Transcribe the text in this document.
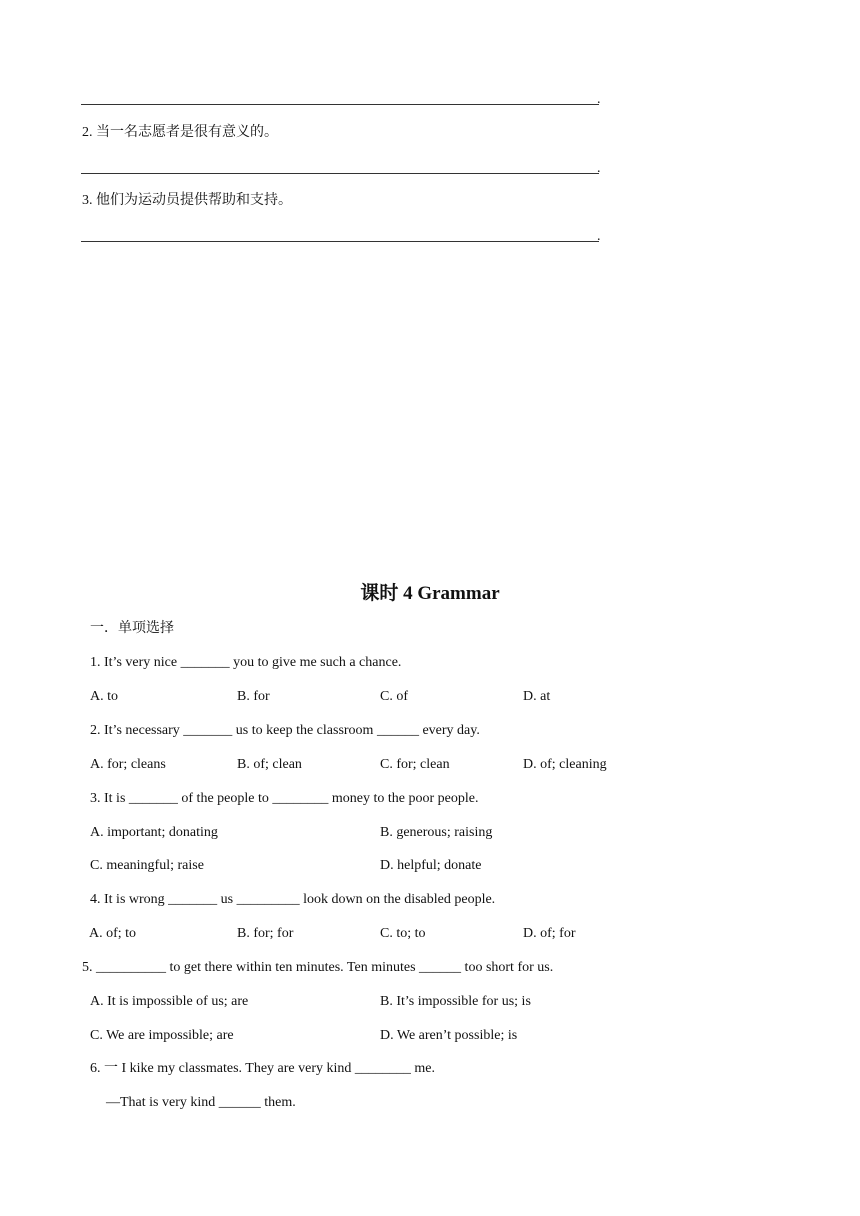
.
2. 当一名志愿者是很有意义的。
.
3. 他们为运动员提供帮助和支持。
.
课时 4 Grammar
一．单项选择
1. It’s very nice _______ you to give me such a chance.
A. to	B. for	C. of	D. at
2. It’s necessary _______ us to keep the classroom ______ every day.
A. for; cleans	B. of; clean	C. for; clean	D. of; cleaning
3. It is _______ of the people to ________ money to the poor people.
A. important; donating	B. generous; raising
C. meaningful; raise	D. helpful; donate
4. It is wrong _______ us _________ look down on the disabled people.
A. of; to	B. for; for	C. to; to	D. of; for
5. __________ to get there within ten minutes. Ten minutes ______ too short for us.
A. It is impossible of us; are	B. It’s impossible for us; is
C. We are impossible; are	D. We aren’t possible; is
6. 一 I kike my classmates. They are very kind ________ me.
—That is very kind ______ them.
